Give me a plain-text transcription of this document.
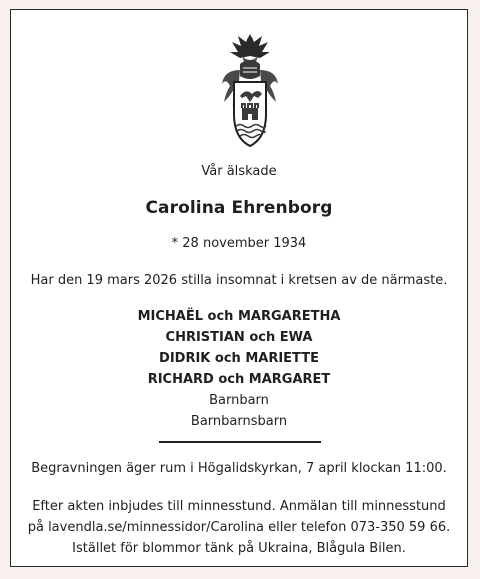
Vår älskade
Carolina Ehrenborg
* 28 november 1934
Har den 19 mars 2026 stilla insomnat i kretsen av de närmaste.
MICHAËL och MARGARETHA
CHRISTIAN och EWA
DIDRIK och MARIETTE
RICHARD och MARGARET
Barnbarn
Barnbarnsbarn
Begravningen äger rum i Högalidskyrkan, 7 april klockan 11:00.
Efter akten inbjudes till minnesstund. Anmälan till minnesstund
på lavendla.se/minnessidor/Carolina eller telefon 073-350 59 66.
Istället för blommor tänk på Ukraina, Blågula Bilen.
